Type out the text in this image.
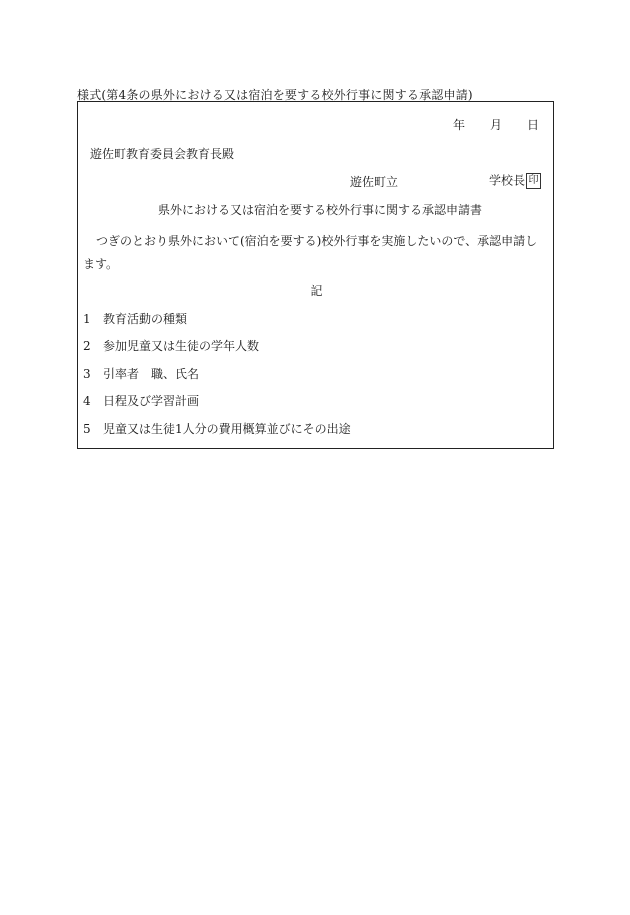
様式(第4条の県外における又は宿泊を要する校外行事に関する承認申請)
年 月 日
遊佐町教育委員会教育長殿
遊佐町立	学校長 印
県外における又は宿泊を要する校外行事に関する承認申請書
つぎのとおり県外において(宿泊を要する)校外行事を実施したいので、承認申請します。
記
1 教育活動の種類
2 参加児童又は生徒の学年人数
3 引率者　職、氏名
4 日程及び学習計画
5 児童又は生徒1人分の費用概算並びにその出途
